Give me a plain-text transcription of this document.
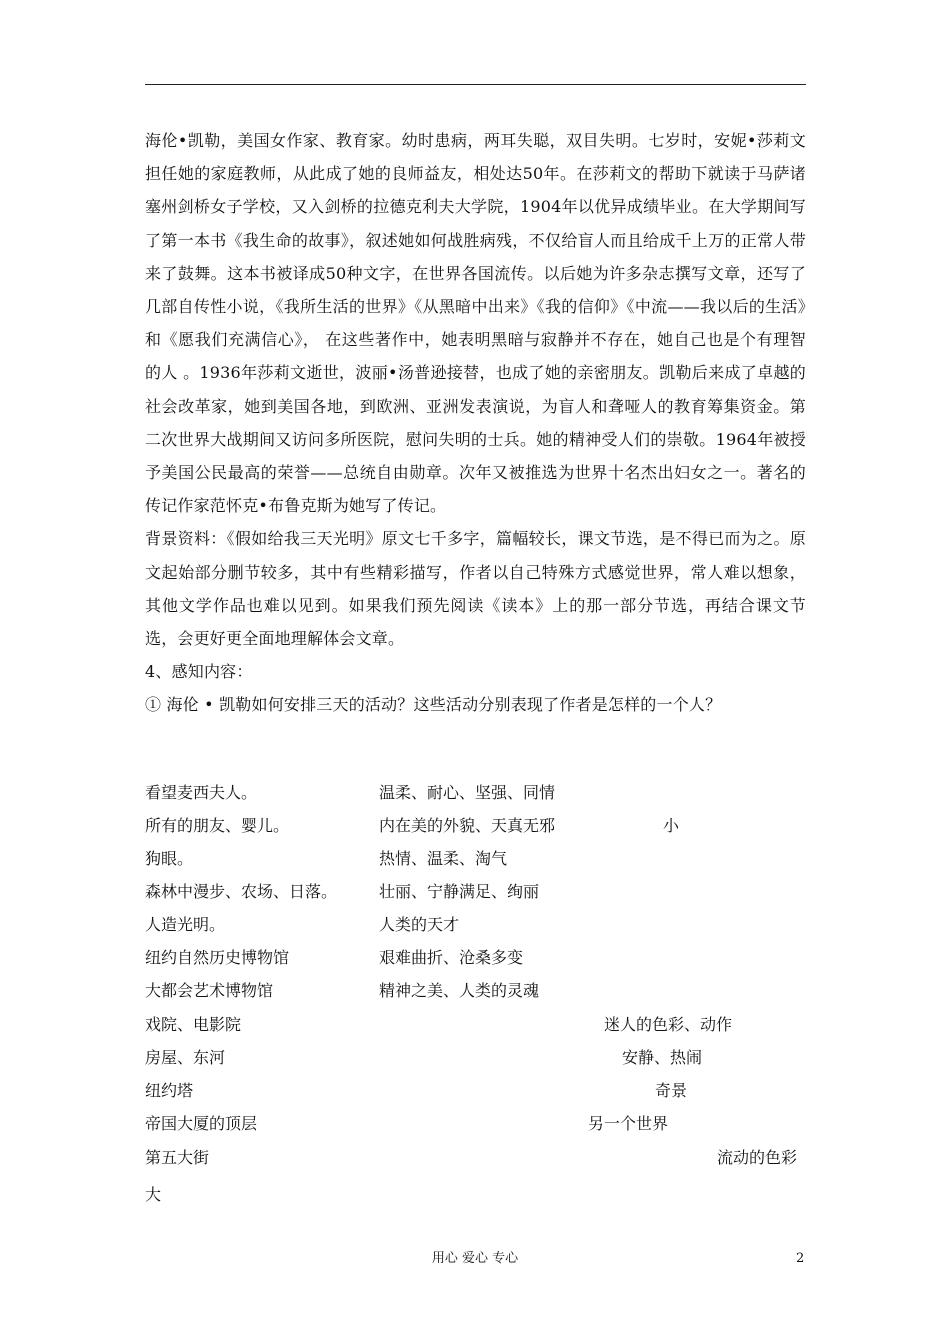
海伦•凯勒，美国女作家、教育家。幼时患病，两耳失聪，双目失明。七岁时，安妮•莎莉文担任她的家庭教师，从此成了她的良师益友，相处达50年。在莎莉文的帮助下就读于马萨诸塞州剑桥女子学校，又入剑桥的拉德克利夫大学院，1904年以优异成绩毕业。在大学期间写了第一本书《我生命的故事》，叙述她如何战胜病残，不仅给盲人而且给成千上万的正常人带来了鼓舞。这本书被译成50种文字，在世界各国流传。以后她为许多杂志撰写文章，还写了几部自传性小说，《我所生活的世界》《从黑暗中出来》《我的信仰》《中流——我以后的生活》和《愿我们充满信心》， 在这些著作中，她表明黑暗与寂静并不存在，她自己也是个有理智的人 。1936年莎莉文逝世，波丽•汤普逊接替，也成了她的亲密朋友。凯勒后来成了卓越的社会改革家，她到美国各地，到欧洲、亚洲发表演说，为盲人和聋哑人的教育筹集资金。第二次世界大战期间又访问多所医院，慰问失明的士兵。她的精神受人们的崇敬。1964年被授予美国公民最高的荣誉——总统自由勋章。次年又被推选为世界十名杰出妇女之一。著名的传记作家范怀克•布鲁克斯为她写了传记。

背景资料：《假如给我三天光明》原文七千多字，篇幅较长，课文节选，是不得已而为之。原文起始部分删节较多，其中有些精彩描写，作者以自己特殊方式感觉世界，常人难以想象，其他文学作品也难以见到。如果我们预先阅读《读本》上的那一部分节选，再结合课文节选，会更好更全面地理解体会文章。

4、感知内容：

① 海伦 • 凯勒如何安排三天的活动？这些活动分别表现了作者是怎样的一个人？

看望麦西夫人。	温柔、耐心、坚强、同情
所有的朋友、婴儿。	内在美的外貌、天真无邪	小
狗眼。	热情、温柔、淘气
森林中漫步、农场、日落。	壮丽、宁静满足、绚丽
人造光明。	人类的天才
纽约自然历史博物馆	艰难曲折、沧桑多变
大都会艺术博物馆	精神之美、人类的灵魂
戏院、电影院	迷人的色彩、动作
房屋、东河	安静、热闹
纽约塔	奇景
帝国大厦的顶层	另一个世界
第五大街	流动的色彩
大
用心 爱心 专心	2
